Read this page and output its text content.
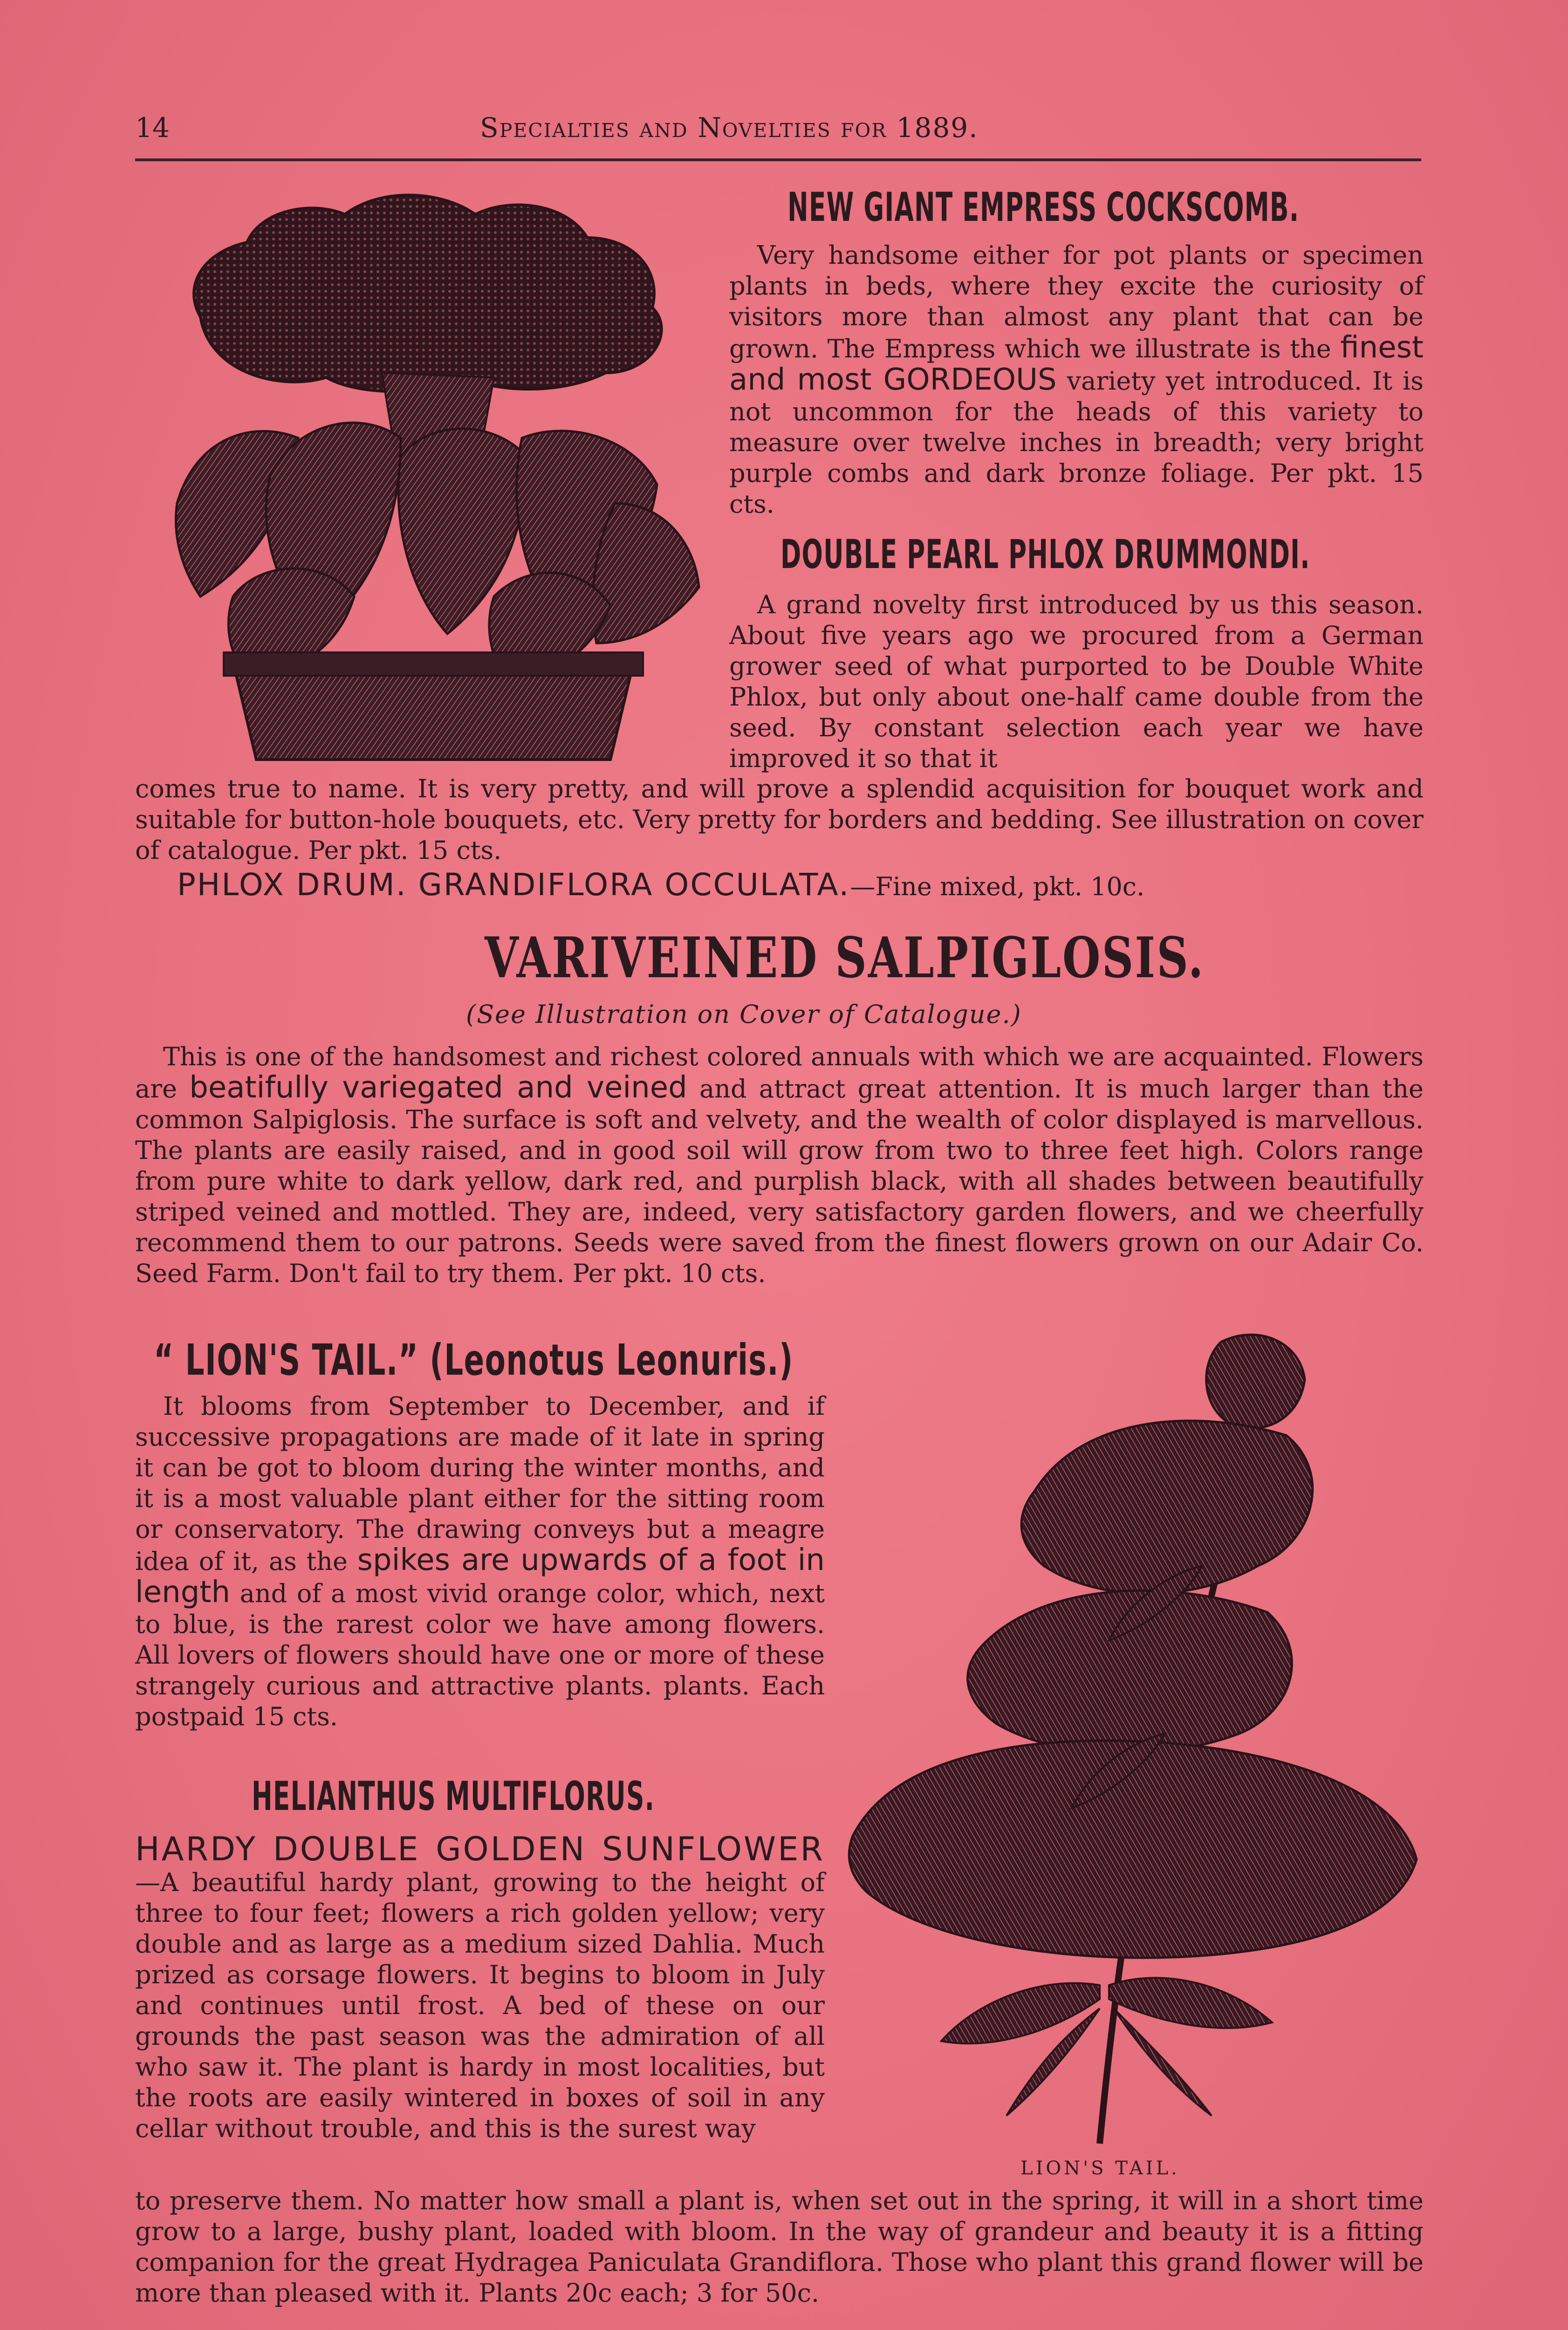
14	Specialties and Novelties for 1889.
NEW GIANT EMPRESS COCKSCOMB.

Very handsome either for pot plants or specimen plants in beds, where they excite the curiosity of visitors more than almost any plant that can be grown. The Empress which we illustrate is the finest and most GORDEOUS variety yet introduced. It is not uncommon for the heads of this variety to measure over twelve inches in breadth; very bright purple combs and dark bronze foliage. Per pkt. 15 cts.

DOUBLE PEARL PHLOX DRUMMONDI.

A grand novelty first introduced by us this season. About five years ago we procured from a German grower seed of what purported to be Double White Phlox, but only about one-half came double from the seed. By constant selection each year we have improved it so that it

comes true to name. It is very pretty, and will prove a splendid acquisition for bouquet work and suitable for button-hole bouquets, etc. Very pretty for borders and bedding. See illustration on cover of catalogue. Per pkt. 15 cts.

PHLOX DRUM. GRANDIFLORA OCCULATA.—Fine mixed, pkt. 10c.
VARIVEINED SALPIGLOSIS.
(See Illustration on Cover of Catalogue.)

This is one of the handsomest and richest colored annuals with which we are acquainted. Flowers are beatifully variegated and veined and attract great attention. It is much larger than the common Salpiglosis. The surface is soft and velvety, and the wealth of color displayed is marvellous. The plants are easily raised, and in good soil will grow from two to three feet high. Colors range from pure white to dark yellow, dark red, and purplish black, with all shades between beautifully striped veined and mottled. They are, indeed, very satisfactory garden flowers, and we cheerfully recommend them to our patrons. Seeds were saved from the finest flowers grown on our Adair Co. Seed Farm. Don't fail to try them. Per pkt. 10 cts.

“ LION'S TAIL.” (Leonotus Leonuris.)

It blooms from September to December, and if successive propagations are made of it late in spring it can be got to bloom during the winter months, and it is a most valuable plant either for the sitting room or conservatory. The drawing conveys but a meagre idea of it, as the spikes are upwards of a foot in length and of a most vivid orange color, which, next to blue, is the rarest color we have among flowers. All lovers of flowers should have one or more of these strangely curious and attractive plants. plants. Each postpaid 15 cts.

LION'S TAIL.
HELIANTHUS MULTIFLORUS.

HARDY DOUBLE GOLDEN SUNFLOWER—A beautiful hardy plant, growing to the height of three to four feet; flowers a rich golden yellow; very double and as large as a medium sized Dahlia. Much prized as corsage flowers. It begins to bloom in July and continues until frost. A bed of these on our grounds the past season was the admiration of all who saw it. The plant is hardy in most localities, but the roots are easily wintered in boxes of soil in any cellar without trouble, and this is the surest way

to preserve them. No matter how small a plant is, when set out in the spring, it will in a short time grow to a large, bushy plant, loaded with bloom. In the way of grandeur and beauty it is a fitting companion for the great Hydragea Paniculata Grandiflora. Those who plant this grand flower will be more than pleased with it. Plants 20c each; 3 for 50c.
